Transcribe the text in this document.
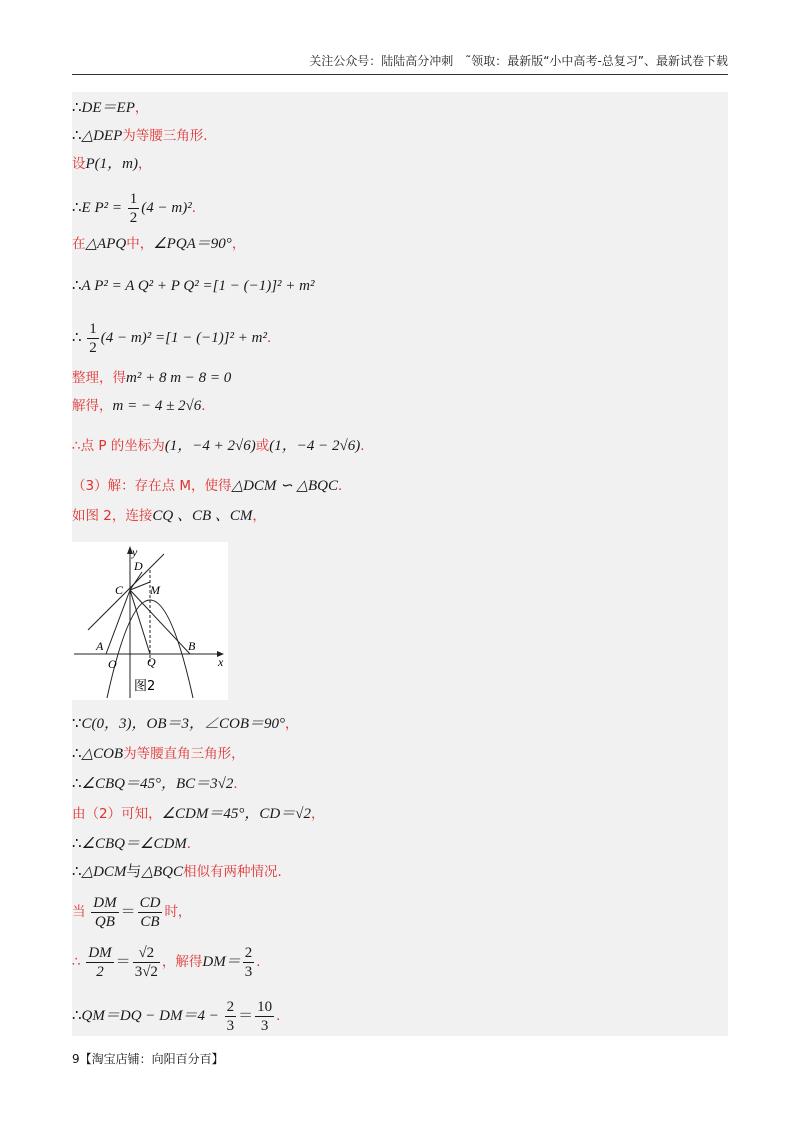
关注公众号：陆陆高分冲刺　˜领取：最新版“小中高考-总复习”、最新试卷下载
∴DE＝EP，
∴△DEP为等腰三角形．
设P(1，m)，
∴E $P^2 = \frac{1}{2} (4 - m)^2$．
在△APQ中，∠PQA＝90°，
∴A P² = A Q² + P Q² =[1 − (−1)]² + m²
∴ $\frac{1}{2} (4 - m)^2 =[1 - (-1)]^2 + m^2$．
整理，得m² + 8 m − 8 = 0
解得，m = − 4 ± 2√6．
∴点 P 的坐标为(1，−4 + 2√6)或(1，−4 − 2√6)．
（3）解：存在点 M，使得△DCM ∽ △BQC．
如图 2，连接CQ 、CB 、CM，
y
x
D
C M
A	B
O	Q
图2
∵C(0，3)，OB＝3，∠COB＝90°，
∴△COB为等腰直角三角形，
∴∠CBQ＝45°，BC＝3√2．
由（2）可知，∠CDM＝45°，CD＝√2，
∴∠CBQ＝∠CDM．
∴△DCM与△BQC相似有两种情况．
当 $\frac{DM}{QB} = \frac{CD}{CB}$ 时，
∴ $\frac{DM}{2} = \frac{√2}{3√2}$ ，解得$DM= \frac{2}{3}$ ．
∴QM＝DQ − $DM=4 - \frac{2}{3} = \frac{10}{3}$ ．
9【淘宝店铺：向阳百分百】
